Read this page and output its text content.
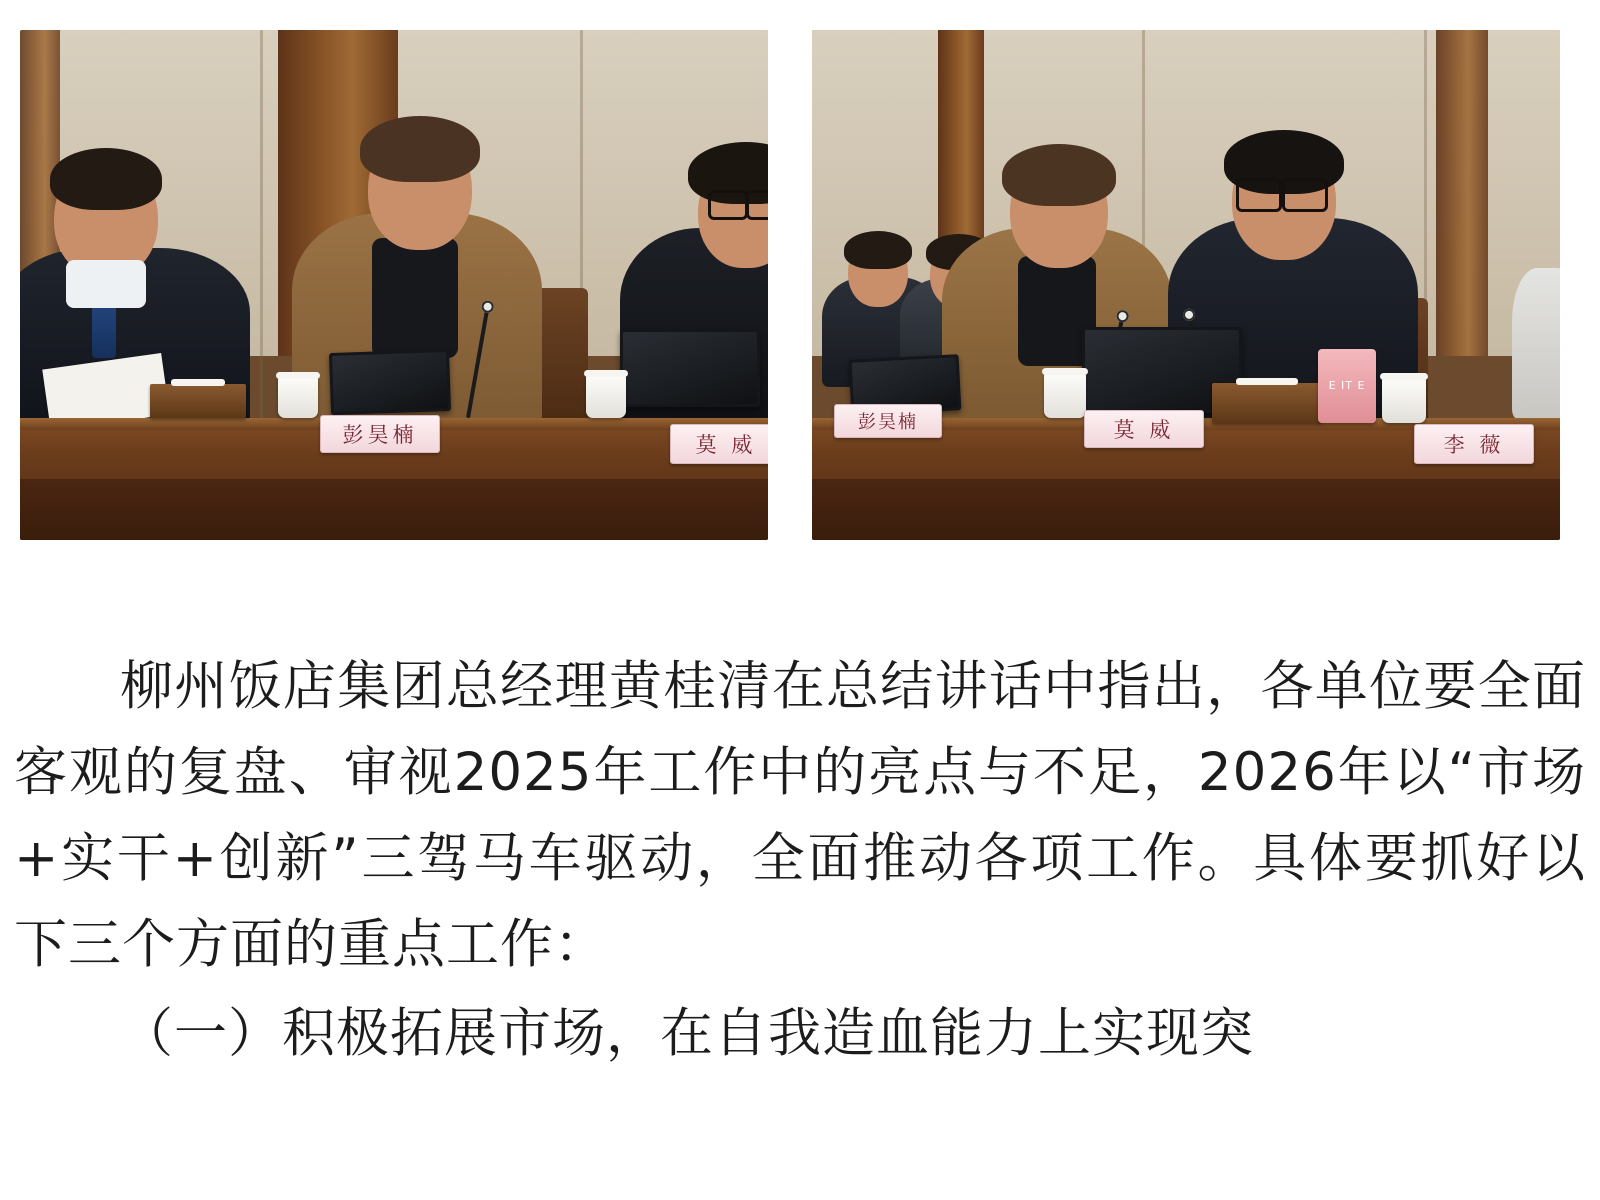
彭昊楠	莫 威
E IT E
彭昊楠	莫 威
李 薇

柳州饭店集团总经理黄桂清在总结讲话中指出，各单位要全面客观的复盘、审视2025年工作中的亮点与不足，2026年以“市场+实干+创新”三驾马车驱动，全面推动各项工作。具体要抓好以下三个方面的重点工作：

（一）积极拓展市场，在自我造血能力上实现突
